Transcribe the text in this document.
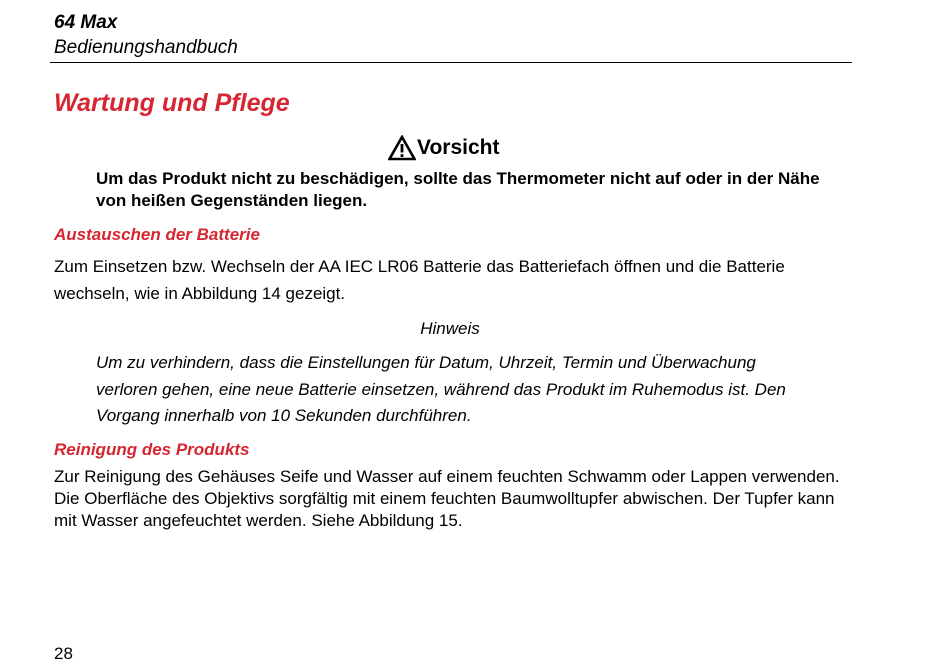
64 Max
Bedienungshandbuch
Wartung und Pflege
Vorsicht
Um das Produkt nicht zu beschädigen, sollte das Thermometer nicht auf oder in der Nähe von heißen Gegenständen liegen.
Austauschen der Batterie
Zum Einsetzen bzw. Wechseln der AA IEC LR06 Batterie das Batteriefach öffnen und die Batterie wechseln, wie in Abbildung 14 gezeigt.
Hinweis
Um zu verhindern, dass die Einstellungen für Datum, Uhrzeit, Termin und Überwachung verloren gehen, eine neue Batterie einsetzen, während das Produkt im Ruhemodus ist. Den Vorgang innerhalb von 10 Sekunden durchführen.
Reinigung des Produkts
Zur Reinigung des Gehäuses Seife und Wasser auf einem feuchten Schwamm oder Lappen verwenden. Die Oberfläche des Objektivs sorgfältig mit einem feuchten Baumwolltupfer abwischen. Der Tupfer kann mit Wasser angefeuchtet werden. Siehe Abbildung 15.
28
